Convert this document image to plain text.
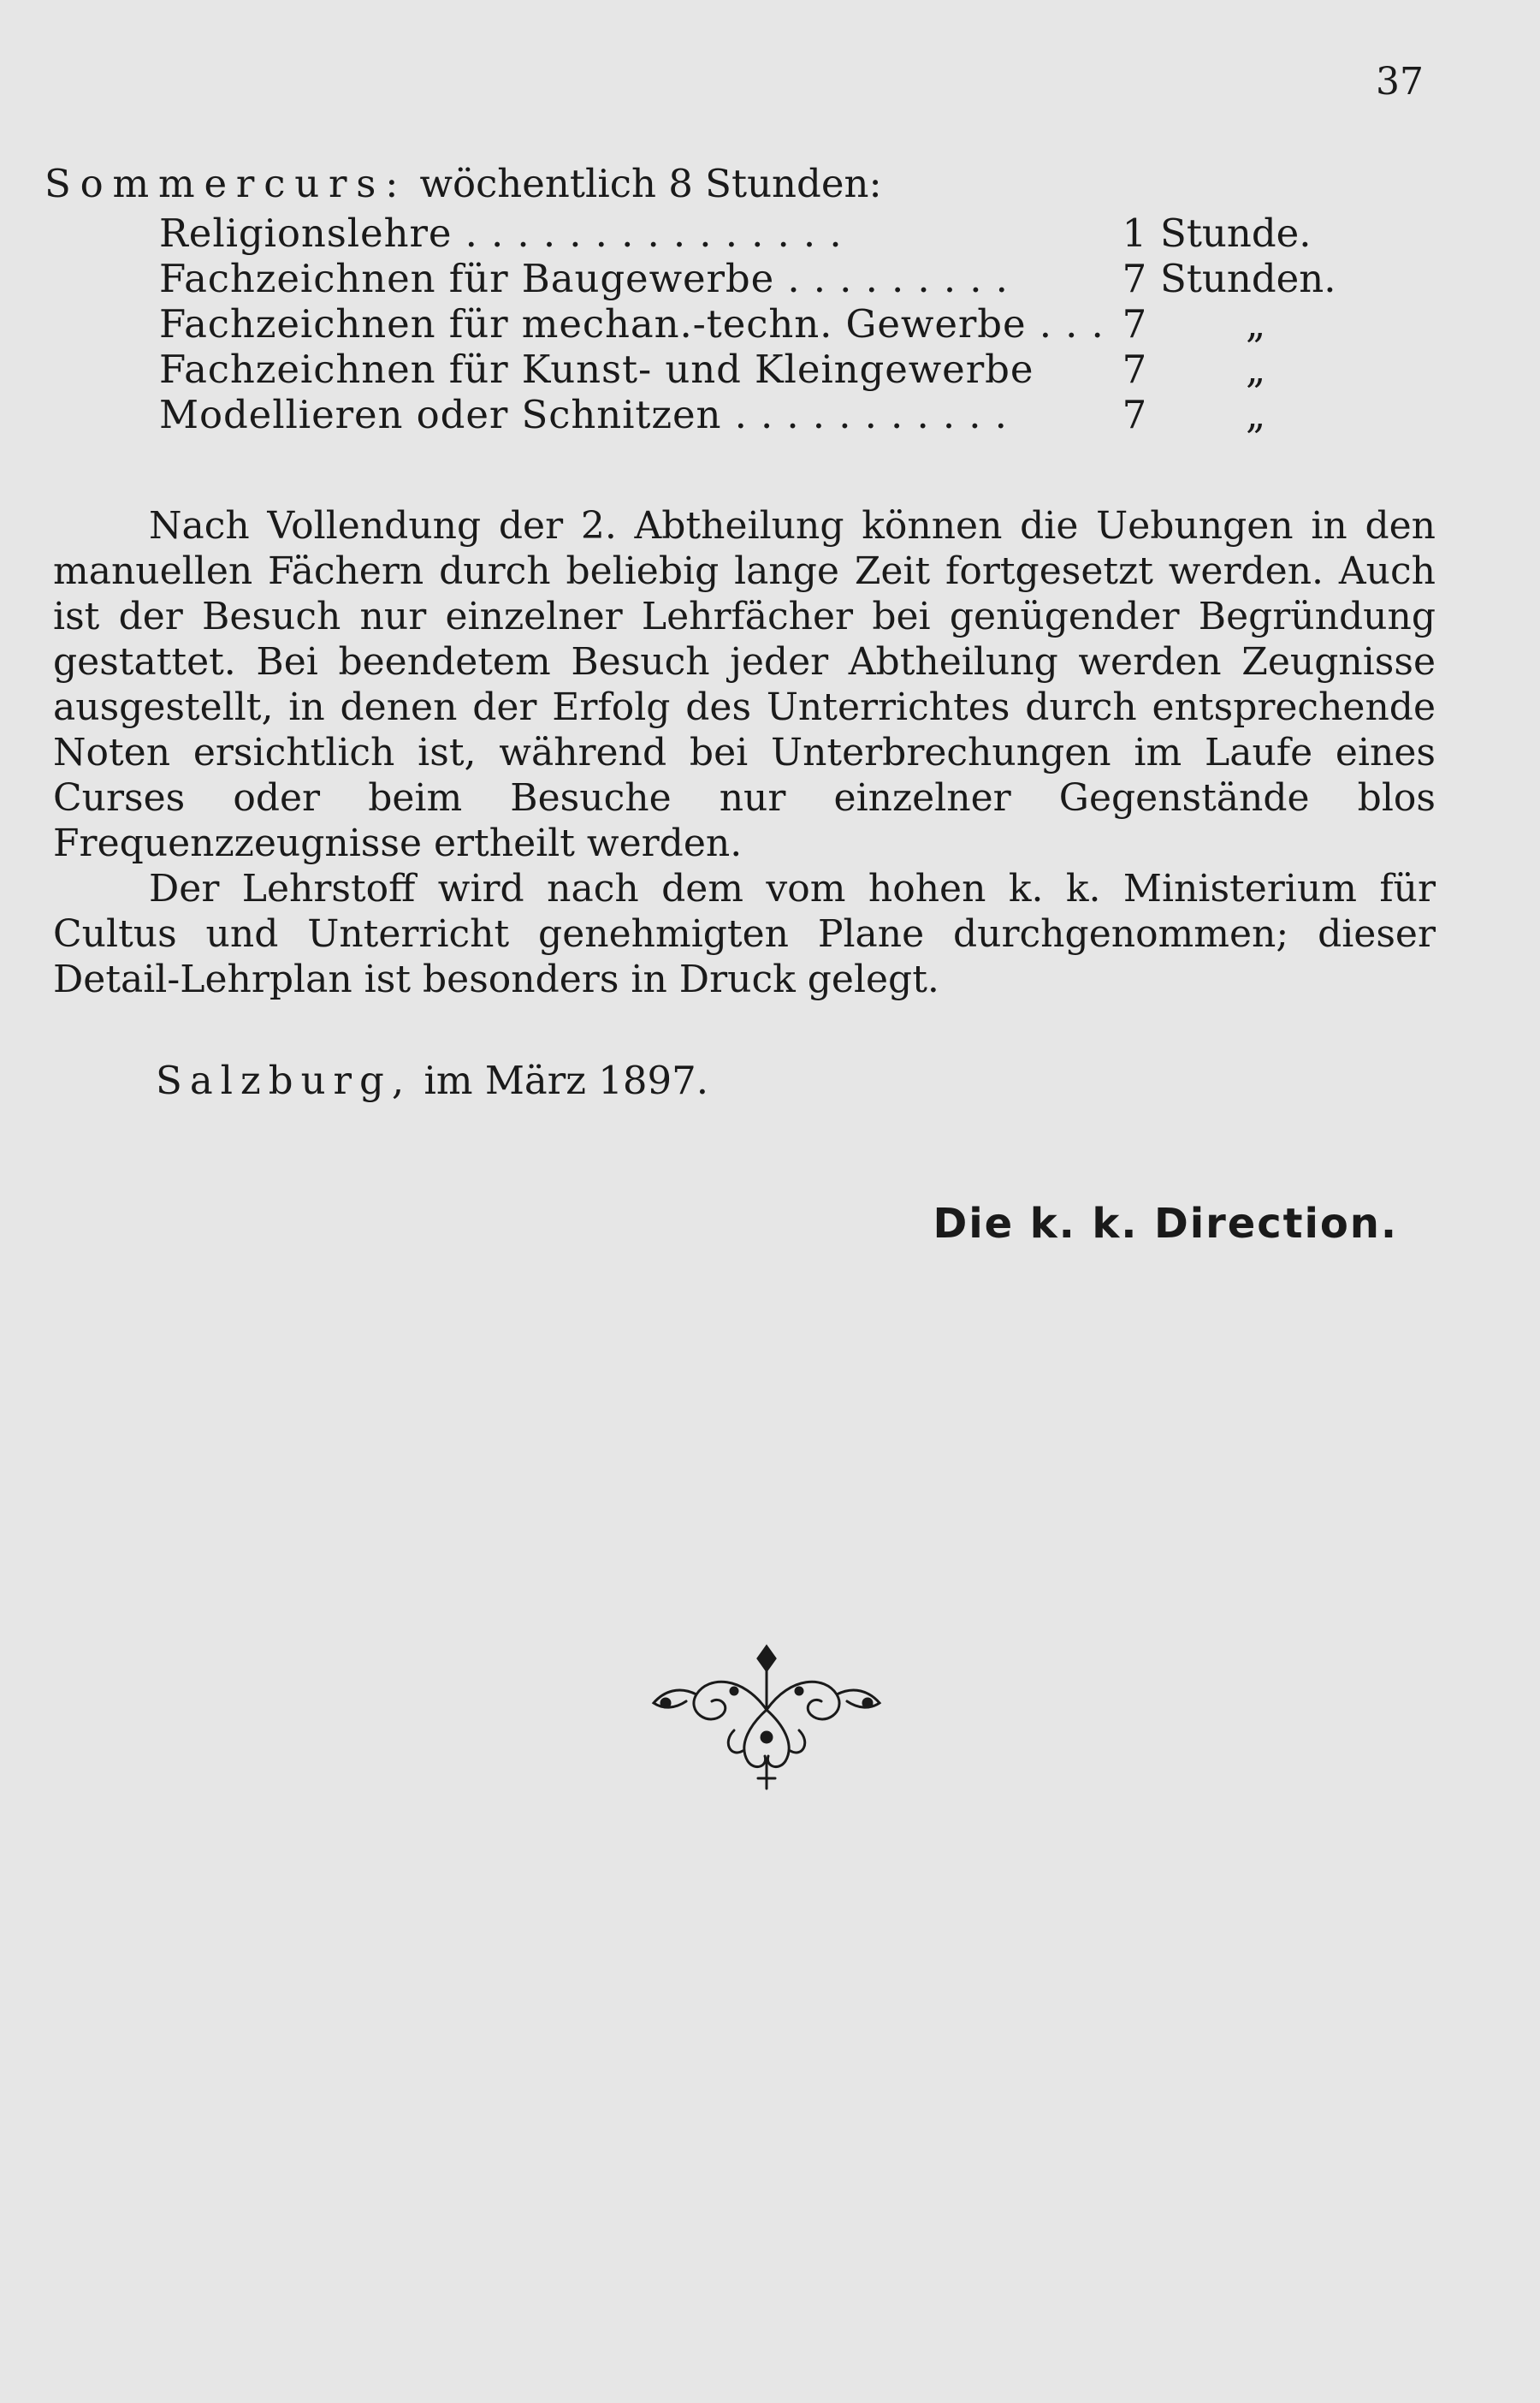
37
Sommercurs: wöchentlich 8 Stunden:
Religionslehre . . . . . . . . . . . . . . .	1 Stunde.
Fachzeichnen für Baugewerbe . . . . . . . . .	7 Stunden.
Fachzeichnen für mechan.-techn. Gewerbe . . . 7	„
Fachzeichnen für Kunst- und Kleingewerbe	7	„
Modellieren oder Schnitzen . . . . . . . . . . .	7	„

Nach Vollendung der 2. Abtheilung können die Uebungen in den manuellen Fächern durch beliebig lange Zeit fortgesetzt werden. Auch ist der Besuch nur einzelner Lehrfächer bei genügender Begründung gestattet. Bei beendetem Besuch jeder Abtheilung werden Zeugnisse ausgestellt, in denen der Erfolg des Unterrichtes durch entsprechende Noten ersichtlich ist, während bei Unterbrechungen im Laufe eines Curses oder beim Besuche nur einzelner Gegenstände blos Frequenzzeugnisse ertheilt werden.

Der Lehrstoff wird nach dem vom hohen k. k. Ministerium für Cultus und Unterricht genehmigten Plane durchgenommen; dieser Detail-Lehrplan ist besonders in Druck gelegt.

Salzburg, im März 1897.
Die k. k. Direction.
